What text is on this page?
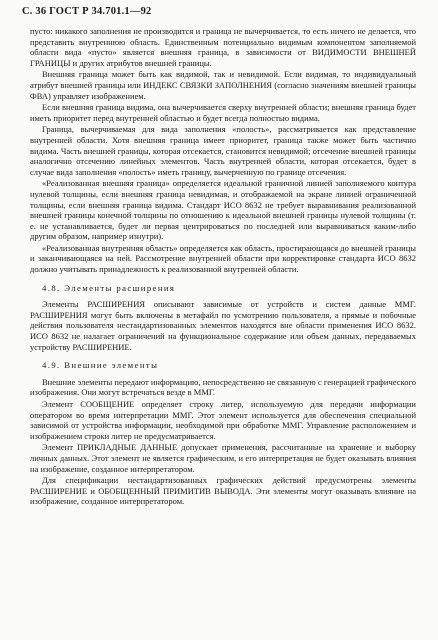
С. 36 ГОСТ Р 34.701.1—92

пусто: никакого заполнения не производится и граница не вычерчивается, то есть ничего не делается, что представить внутреннюю область. Единственным потенциально видимым компонентом заполняемой области вида «пусто» является внешняя граница, в зависимости от ВИДИМОСТИ ВНЕШНЕЙ ГРАНИЦЫ и других атрибутов внешней границы.

Внешняя граница может быть как видимой, так и невидимой. Если видимая, то индивидуальный атрибут внешней границы или ИНДЕКС СВЯЗКИ ЗАПОЛНЕНИЯ (согласно значениям внешней границы ФВА) управляет изображением.

Если внешняя граница видима, она вычерчивается сверху внутренней области; внешняя граница будет иметь приоритет перед внутренней областью и будет всегда полностью видима.

Граница, вычерчиваемая для вида заполнения «полость», рассматривается как представление внутренней области. Хотя внешняя граница имеет приоритет, граница также может быть частично видима. Часть внешней границы, которая отсекается, становится невидимой; отсечение внешней границы аналогично отсечению линейных элементов. Часть внутренней области, которая отсекается, будет в случае вида заполнения «полость» иметь границу, вычерченную по границе отсечения.

«Реализованная внешняя граница» определяется идеальной граничной линией заполняемого контура нулевой толщины, если внешняя граница невидимая, и отображаемой на экране линией ограниченной толщины, если внешняя граница видима. Стандарт ИСО 8632 не требует выравнивания реализованной внешней границы конечной толщины по отношению к идеальной внешней границы нулевой толщины (т. е. не устанавливается, будет ли первая центрироваться по последней или выравниваться каким-либо другим образом, например изнутри).

«Реализованная внутренняя область» определяется как область, простирающаяся до внешней границы и заканчивающаяся на ней. Рассмотрение внутренней области при корректировке стандарта ИСО 8632 должно учитывать принадлежность к реализованной внутренней области.

4.8. Элементы расширения

Элементы РАСШИРЕНИЯ описывают зависимые от устройств и систем данные ММГ. РАСШИРЕНИЯ могут быть включены в метафайл по усмотрению пользователя, а прямые и побочные действия пользователя нестандартизованных элементов находятся вне области применения ИСО 8632. ИСО 8632 не налагает ограничений на функциональное содержание или объем данных, передаваемых устройству РАСШИРЕНИЕ.

4.9. Внешние элементы

Внешние элементы передают информацию, непосредственно не связанную с генерацией графического изображения. Они могут встречаться везде в ММГ.

Элемент СООБЩЕНИЕ определяет строку литер, используемую для передачи информации оператором во время интерпретации ММГ. Этот элемент используется для обеспечения специальной зависимой от устройства информации, необходимой при обработке ММГ. Управление расположением и изображением строки литер не предусматривается.

Элемент ПРИКЛАДНЫЕ ДАННЫЕ допускает применения, рассчитанные на хранение и выборку личных данных. Этот элемент не является графическим, и его интерпретация не будет оказывать влияния на изображение, созданное интерпретатором.

Для спецификации нестандартизованных графических действий предусмотрены элементы РАСШИРЕНИЕ и ОБОБЩЕННЫЙ ПРИМИТИВ ВЫВОДА. Эти элементы могут оказывать влияние на изображение, созданное интерпретатором.
